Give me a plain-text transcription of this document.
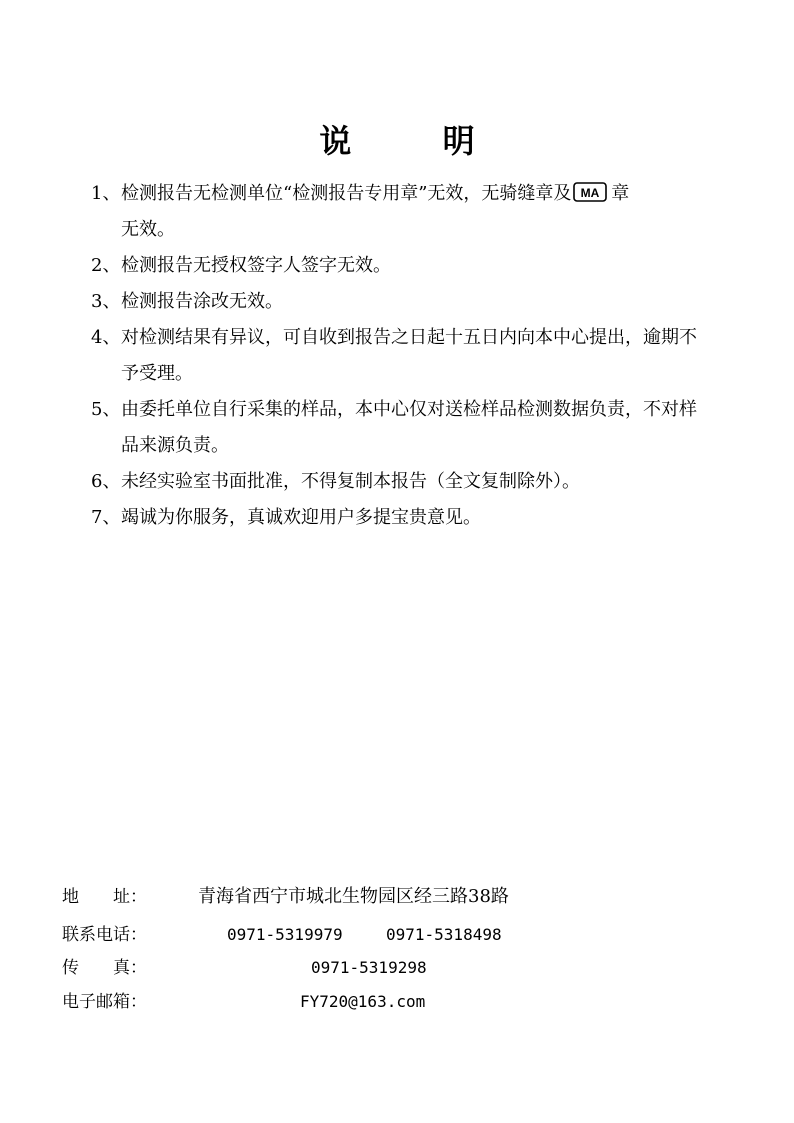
说 明
1、 检测报告无检测单位“检测报告专用章”无效，无骑缝章及 MA
  章
无效。
2、 检测报告无授权签字人签字无效。
3、 检测报告涂改无效。
4、 对检测结果有异议，可自收到报告之日起十五日内向本中心提出，逾期不予受理。
5、 由委托单位自行采集的样品，本中心仅对送检样品检测数据负责，不对样品来源负责。
6、 未经实验室书面批准，不得复制本报告（全文复制除外）。
7、 竭诚为你服务，真诚欢迎用户多提宝贵意见。
地　　址：	青海省西宁市城北生物园区经三路38路
联系电话：	0971-5319979	0971-5318498
传　　真：	0971-5319298
电子邮箱：	FY720@163.com
